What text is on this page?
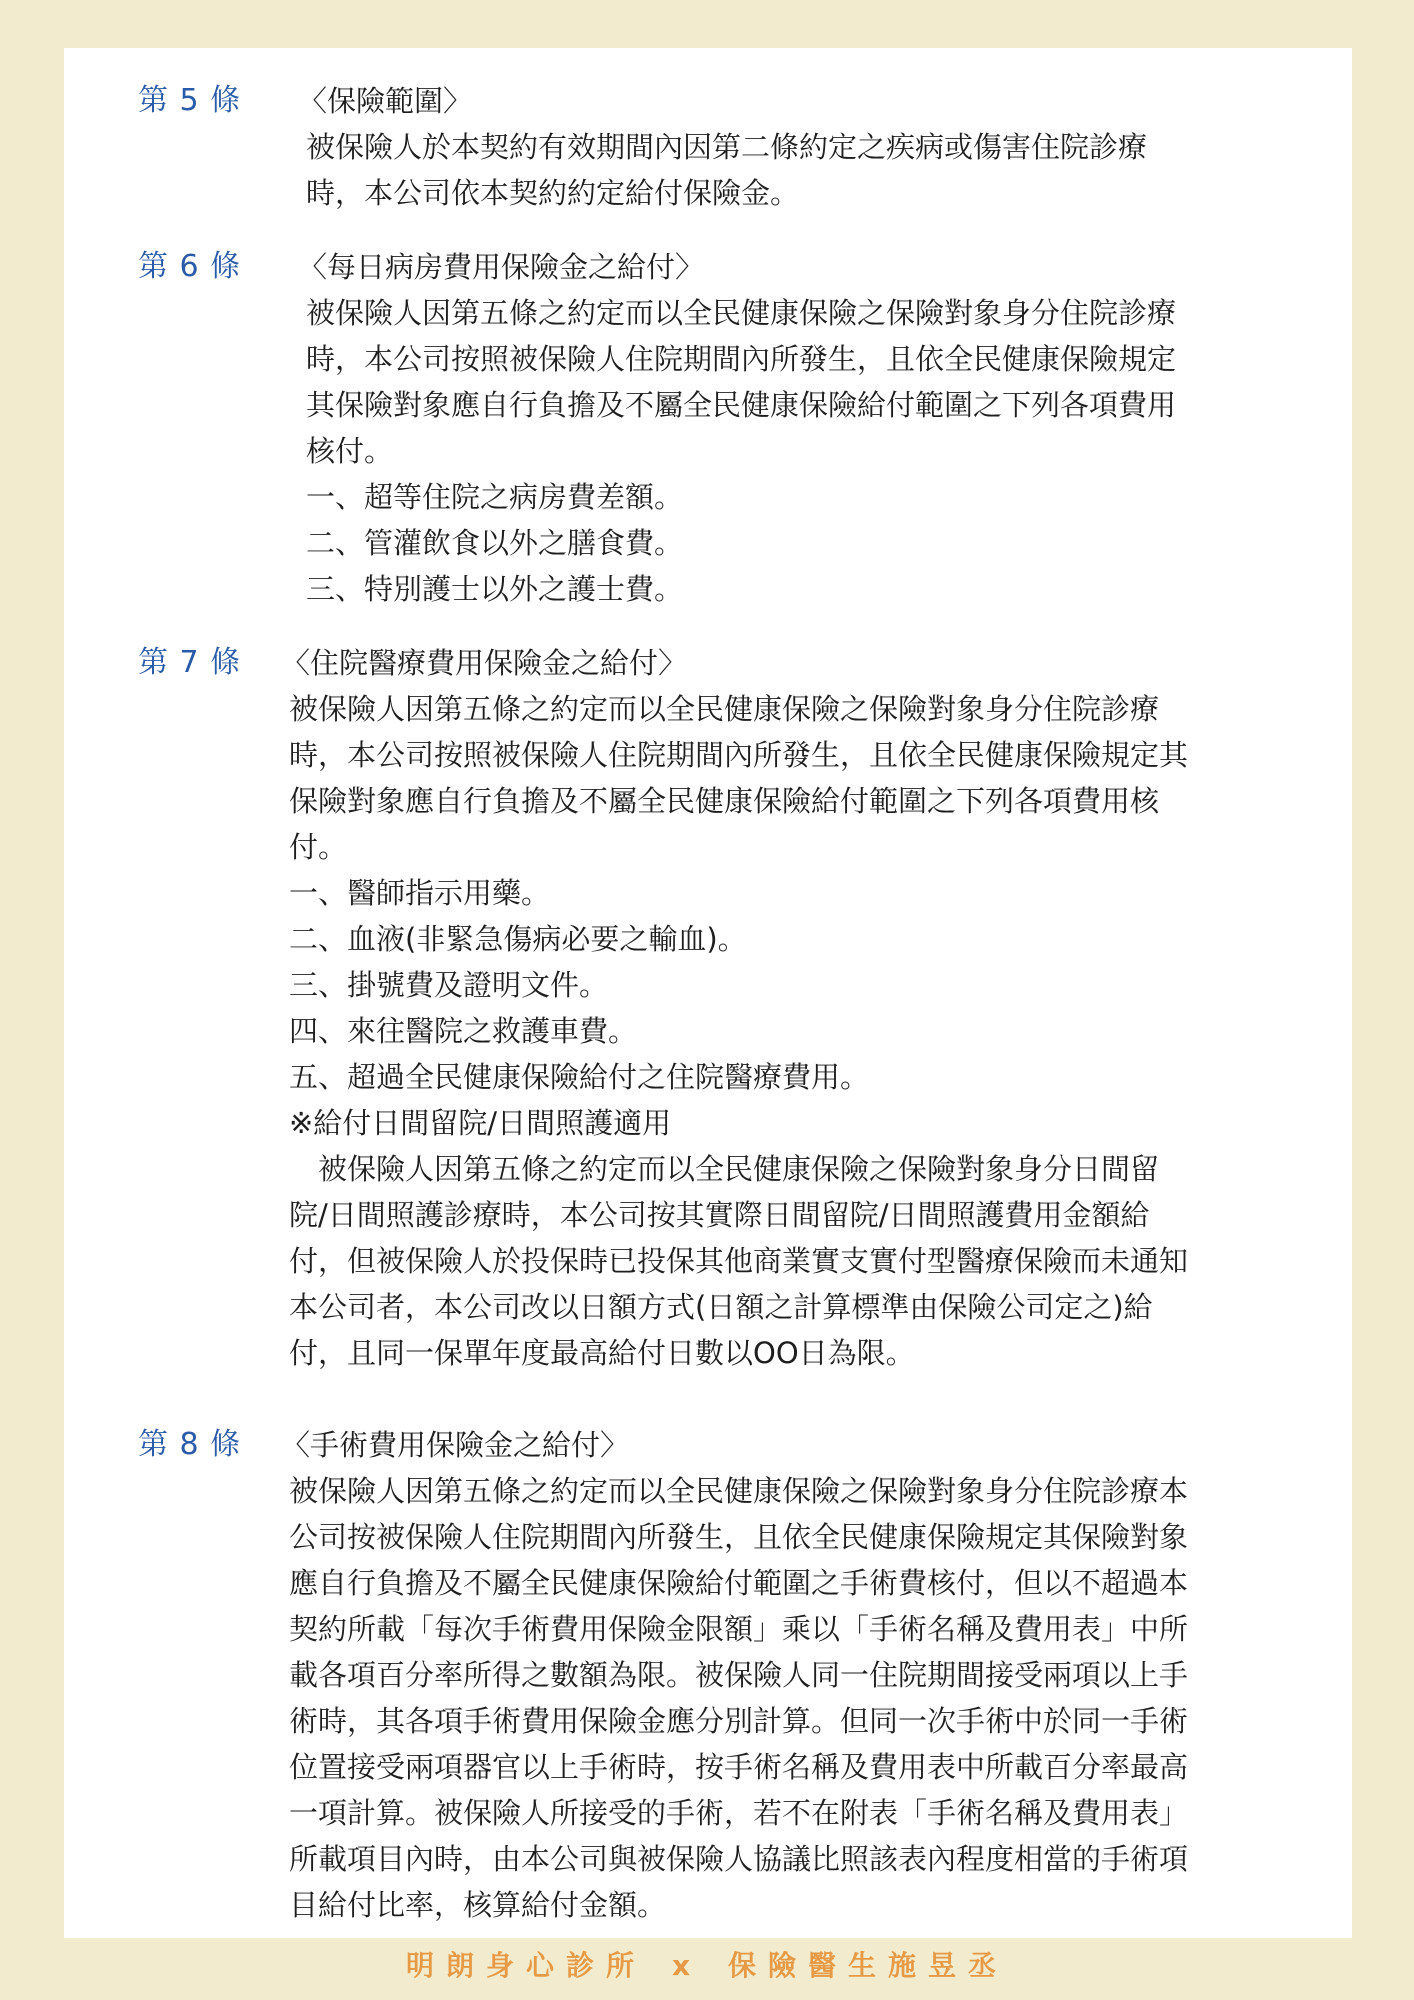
第 5 條 〈保險範圍〉
被保險人於本契約有效期間內因第二條約定之疾病或傷害住院診療
時，本公司依本契約約定給付保險金。
第 6 條 〈每日病房費用保險金之給付〉
被保險人因第五條之約定而以全民健康保險之保險對象身分住院診療
時，本公司按照被保險人住院期間內所發生，且依全民健康保險規定
其保險對象應自行負擔及不屬全民健康保險給付範圍之下列各項費用
核付。
一、超等住院之病房費差額。
二、管灌飲食以外之膳食費。
三、特別護士以外之護士費。
第 7 條 〈住院醫療費用保險金之給付〉
被保險人因第五條之約定而以全民健康保險之保險對象身分住院診療
時，本公司按照被保險人住院期間內所發生，且依全民健康保險規定其
保險對象應自行負擔及不屬全民健康保險給付範圍之下列各項費用核
付。
一、醫師指示用藥。
二、血液(非緊急傷病必要之輸血)。
三、掛號費及證明文件。
四、來往醫院之救護車費。
五、超過全民健康保險給付之住院醫療費用。
※給付日間留院/日間照護適用
　被保險人因第五條之約定而以全民健康保險之保險對象身分日間留
院/日間照護診療時，本公司按其實際日間留院/日間照護費用金額給
付，但被保險人於投保時已投保其他商業實支實付型醫療保險而未通知
本公司者，本公司改以日額方式(日額之計算標準由保險公司定之)給
付，且同一保單年度最高給付日數以OO日為限。
第 8 條 〈手術費用保險金之給付〉
被保險人因第五條之約定而以全民健康保險之保險對象身分住院診療本
公司按被保險人住院期間內所發生，且依全民健康保險規定其保險對象
應自行負擔及不屬全民健康保險給付範圍之手術費核付，但以不超過本
契約所載「每次手術費用保險金限額」乘以「手術名稱及費用表」中所
載各項百分率所得之數額為限。被保險人同一住院期間接受兩項以上手
術時，其各項手術費用保險金應分別計算。但同一次手術中於同一手術
位置接受兩項器官以上手術時，按手術名稱及費用表中所載百分率最高
一項計算。被保險人所接受的手術，若不在附表「手術名稱及費用表」
所載項目內時，由本公司與被保險人協議比照該表內程度相當的手術項
目給付比率，核算給付金額。
明朗身心診所 x 保險醫生施昱丞
